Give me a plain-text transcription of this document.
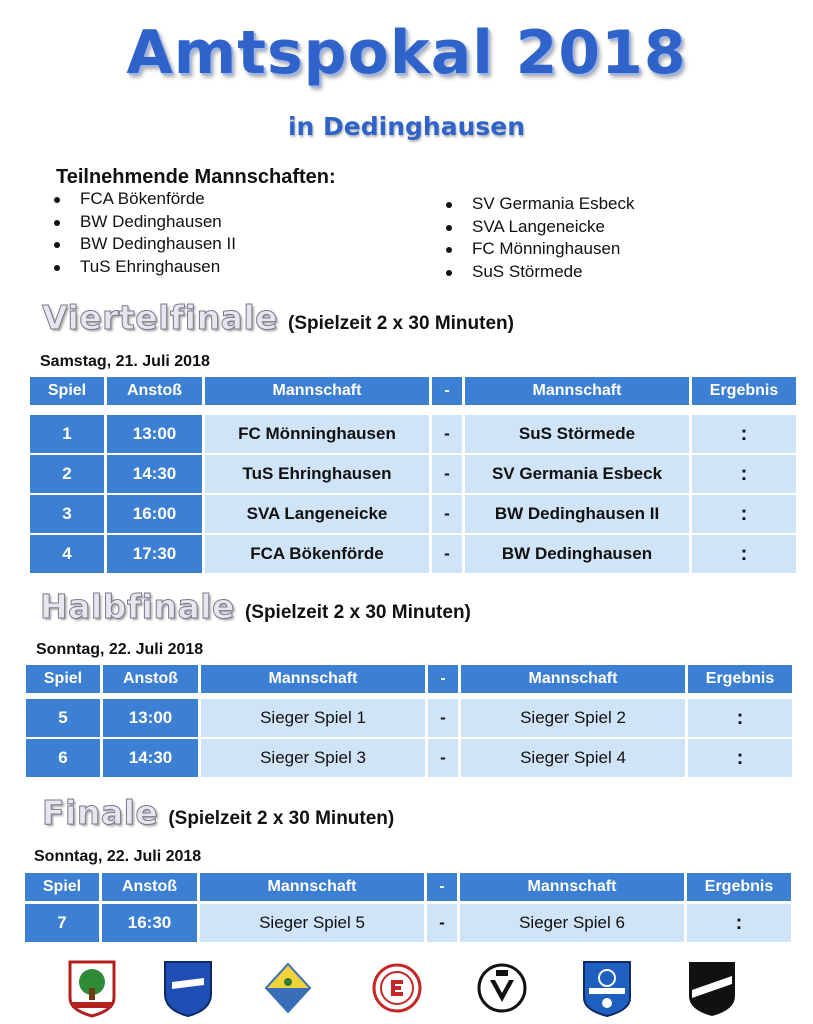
Amtspokal 2018
in Dedinghausen
Teilnehmende Mannschaften:
FCA Bökenförde
BW Dedinghausen
BW Dedinghausen II
TuS Ehringhausen
SV Germania Esbeck
SVA Langeneicke
FC Mönninghausen
SuS Störmede
Viertelfinale (Spielzeit 2 x 30 Minuten)
Samstag, 21. Juli 2018
Halbfinale (Spielzeit 2 x 30 Minuten)
Sonntag, 22. Juli 2018
Finale (Spielzeit 2 x 30 Minuten)
Sonntag, 22. Juli 2018
Spiel	Anstoß	Mannschaft	-	Mannschaft	Ergebnis
1	13:00	FC Mönninghausen	-	SuS Störmede	:
2	14:30	TuS Ehringhausen	- SV Germania Esbeck	:
3	16:00	SVA Langeneicke	-	BW Dedinghausen II	:
4	17:30	FCA Bökenförde	-	BW Dedinghausen	:
Spiel	Anstoß	Mannschaft	-	Mannschaft	Ergebnis
5	13:00	Sieger Spiel 1	-	Sieger Spiel 2	:
6	14:30	Sieger Spiel 3	-	Sieger Spiel 4	:
Spiel	Anstoß	Mannschaft	-	Mannschaft	Ergebnis
7	16:30	Sieger Spiel 5	-	Sieger Spiel 6	:
